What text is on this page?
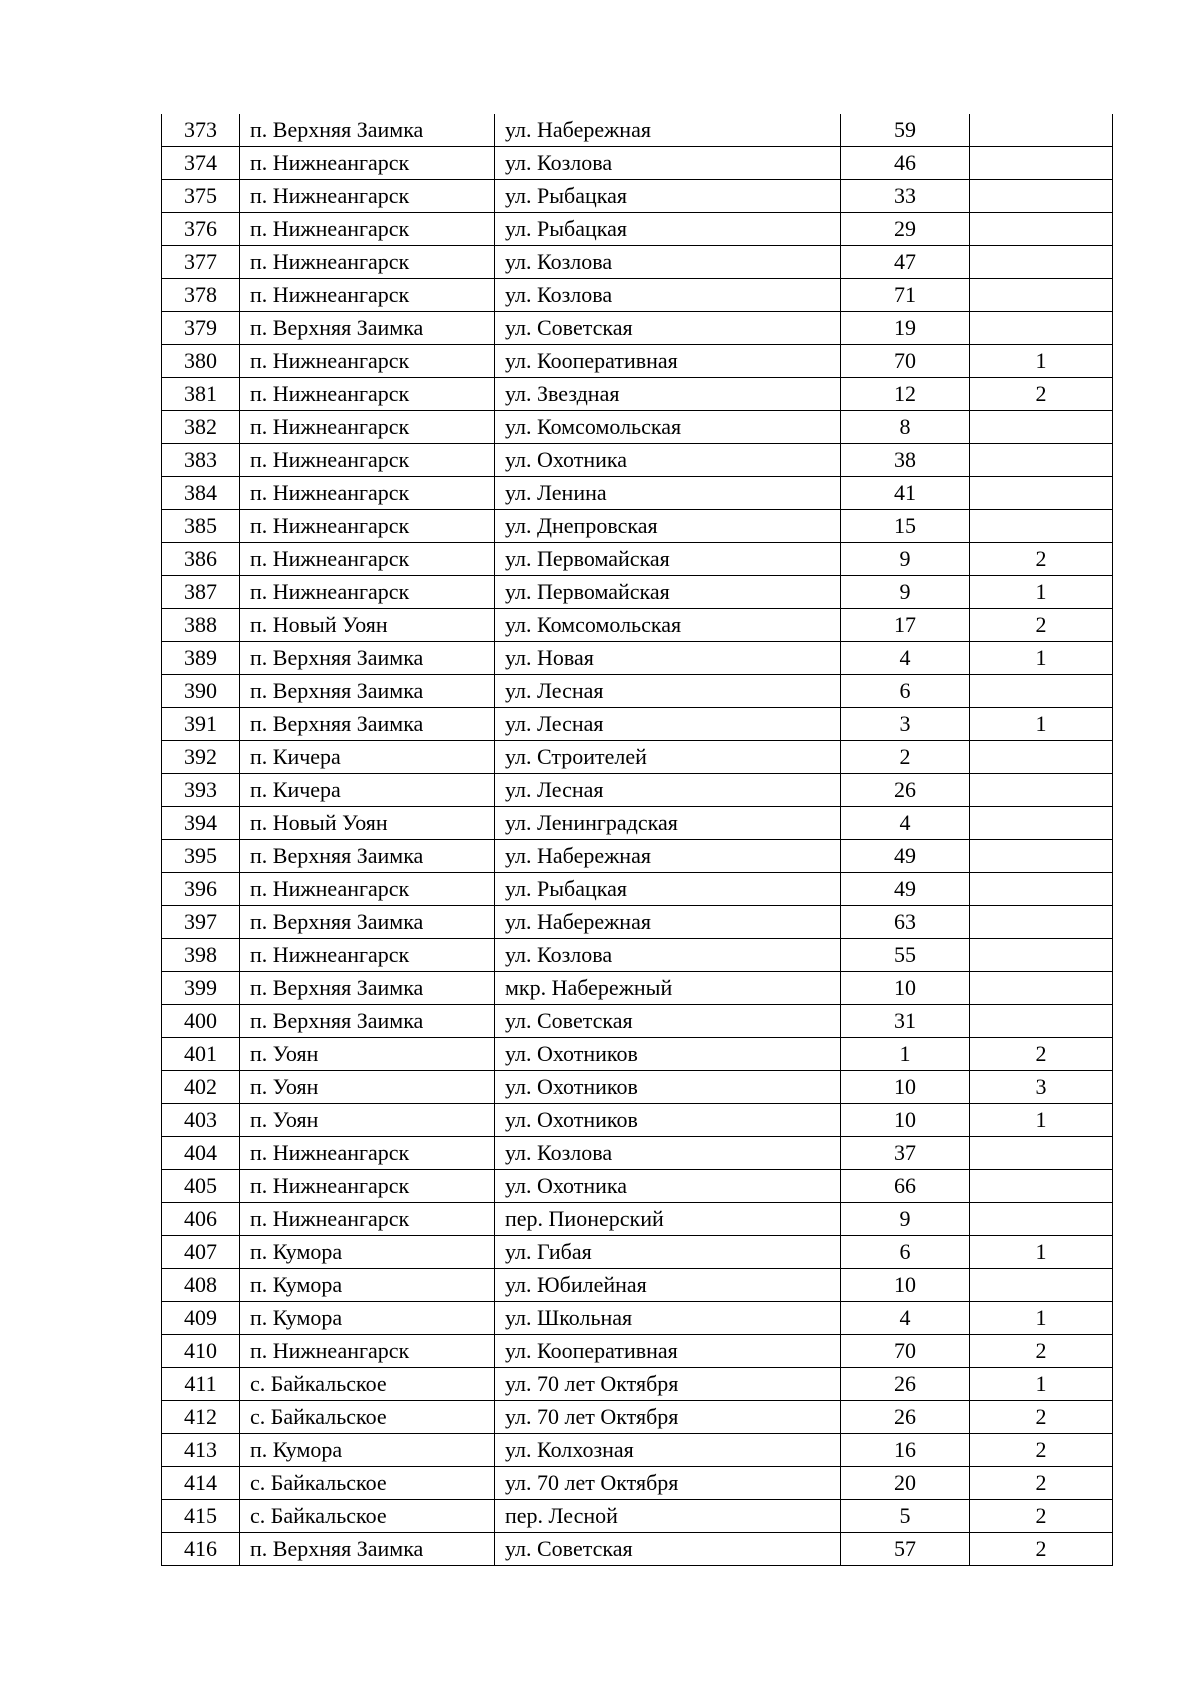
373	п. Верхняя Заимка	ул. Набережная	59	
374	п. Нижнеангарск	ул. Козлова	46	
375	п. Нижнеангарск	ул. Рыбацкая	33	
376	п. Нижнеангарск	ул. Рыбацкая	29	
377	п. Нижнеангарск	ул. Козлова	47	
378	п. Нижнеангарск	ул. Козлова	71	
379	п. Верхняя Заимка	ул. Советская	19	
380	п. Нижнеангарск	ул. Кооперативная	70	1
381	п. Нижнеангарск	ул. Звездная	12	2
382	п. Нижнеангарск	ул. Комсомольская	8	
383	п. Нижнеангарск	ул. Охотника	38	
384	п. Нижнеангарск	ул. Ленина	41	
385	п. Нижнеангарск	ул. Днепровская	15	
386	п. Нижнеангарск	ул. Первомайская	9	2
387	п. Нижнеангарск	ул. Первомайская	9	1
388	п. Новый Уоян	ул. Комсомольская	17	2
389	п. Верхняя Заимка	ул. Новая	4	1
390	п. Верхняя Заимка	ул. Лесная	6	
391	п. Верхняя Заимка	ул. Лесная	3	1
392	п. Кичера	ул. Строителей	2	
393	п. Кичера	ул. Лесная	26	
394	п. Новый Уоян	ул. Ленинградская	4	
395	п. Верхняя Заимка	ул. Набережная	49	
396	п. Нижнеангарск	ул. Рыбацкая	49	
397	п. Верхняя Заимка	ул. Набережная	63	
398	п. Нижнеангарск	ул. Козлова	55	
399	п. Верхняя Заимка	мкр. Набережный	10	
400	п. Верхняя Заимка	ул. Советская	31	
401	п. Уоян	ул. Охотников	1	2
402	п. Уоян	ул. Охотников	10	3
403	п. Уоян	ул. Охотников	10	1
404	п. Нижнеангарск	ул. Козлова	37	
405	п. Нижнеангарск	ул. Охотника	66	
406	п. Нижнеангарск	пер. Пионерский	9	
407	п. Кумора	ул. Гибая	6	1
408	п. Кумора	ул. Юбилейная	10	
409	п. Кумора	ул. Школьная	4	1
410	п. Нижнеангарск	ул. Кооперативная	70	2
411	с. Байкальское	ул. 70 лет Октября	26	1
412	с. Байкальское	ул. 70 лет Октября	26	2
413	п. Кумора	ул. Колхозная	16	2
414	с. Байкальское	ул. 70 лет Октября	20	2
415	с. Байкальское	пер. Лесной	5	2
416	п. Верхняя Заимка	ул. Советская	57	2
